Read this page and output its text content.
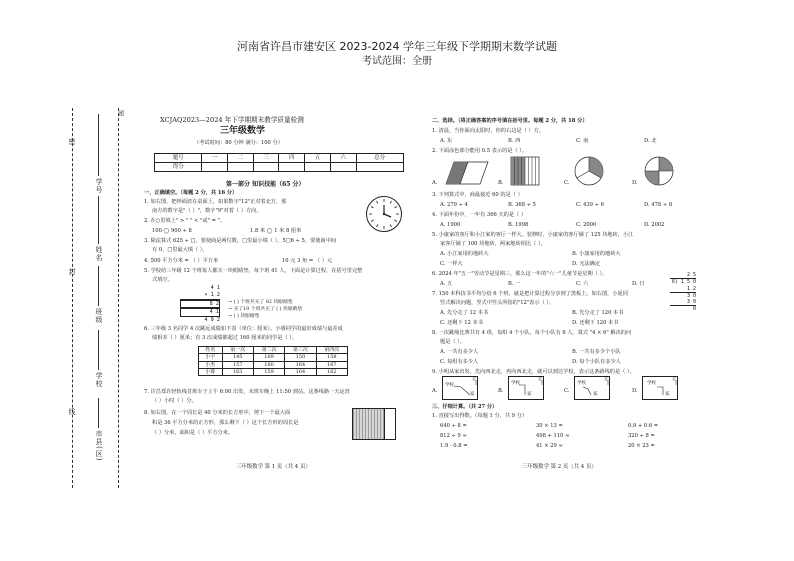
河南省许昌市建安区 2023-2024 学年三年级下学期期末数学试题
考试范围：全册
密
封
线
学号
姓名
班级
学校
市县(区)
密
XCJAQ2023—2024 年下学期期末教学质量检测
三年级数学
（考试时间：80 分钟 满分：100 分）
题号	一	二	三	四	五	六	总分
得分							
第一部分 知识技能（65 分）
一、正确填空。（每题 2 分，共 16 分）
1. 如右图，把钟面放在桌面上，如果数字"12"正对着北方，那
南方的数字是"（ ）"，数字"9"对着（ ）方向。
2. 在○里填上" > " " < "或" = "。
100 ◯ 900 ÷ 8	1.8 米 ◯ 1 米 8 厘米
3. 除法算式 625 ÷ □，要使商是两位数，□里最小填（ ），5□6 ÷ 5，要使商中间
有 0，□里最大填（ ）。
4. 500 平方分米 = （ ）平方米	10 元 3 角 = （ ）元
5. 学校给三年级 12 个班每人都买一块眼睛垫，每个班 41 人，下面是计算过程，在括号里完整
式填空。
4 1
× 1 2
8 2
4 1
4 9 2
→ ( ) 个班共买了 82 块眼睛垫
→ 买了10 个班共买了 ( ) 块眼睛垫
→ ( ) 块眼睛垫
6. 三年级 3 名同学 4 次跳远成绩如下表（单位：厘米）。小睿同学的最好成绩与最差成
绩相差（ ）厘米；有 3 次成绩都超过 160 厘米的同学是（ ）。
姓名	第一次	第二次	第三次	第四次
小宇	145	169	150	158
小杰	157	160	164	167
小睿	163	159	164	162
7. 许昌郑许轻轨线首班车于上午 6:00 出发，末班车晚上 11:50 到站。这条线路一天运营
（ ）小时（ ）分。
8. 如右图，在一个周长是 40 分米的长方形中，剪下一个最大面
积是 36 平方分米的正方形，那么剩下（ ）这个长方形的周长是
（ ）分米，面积是（ ）平方分米。
三年级数学 第 1 页（共 4 页）
二、选择。（将正确答案的序号填在括号里。每题 2 分，共 18 分）
1. 清晨，当你面向太阳时，你的右边是（ ）方。
A. 东	B. 西	C. 南	D. 北
2. 下面涂色部分能用 0.5 表示的是（ ）。
A.	B.	C.	D.
3. 下列算式中，商最接近 60 的是（ ）
A. 279 ÷ 4	B. 368 ÷ 5	C. 439 ÷ 6	D. 478 ÷ 8
4. 下面年份中，一年有 366 天的是（ ）
A. 1900	B. 1998	C. 2000	D. 2002
5. 小康家的客厅和小江家的客厅一样大。装修时，小康家的客厅铺了 125 块地砖，小江
家客厅铺了 100 块地砖，两家地砖相比（ ）。
A. 小江家用的地砖大	B. 小康家用的地砖大
C. 一样大	D. 无法确定
6. 2024 年"五一"劳动节是星期三，那么这一年的"六一"儿童节是星期（ ）。
A. 五	B. 一	C. 六	D. 日
2 5
6) 1 5 0
1 2
3 0
3 0
0
7. 150 本科技书平均分给 6 个班，就是把计算过程分享到了黑板上。如右图，小夏同
竖式解决问题，竖式中竖头所指的"12"表示（ ）。
A. 先分走了 12 本书	B. 先分走了 120 本书
C. 还剩下 12 本书	D. 还剩下 120 本书
8. 一次跳绳比赛共有 4 组，每组 4 个小队，每个小队有 6 人。算式 "4 × 6" 解决的问
题是（ ）。
A. 一共有多少人	B. 一共有多少个小队
C. 每组有多少人	D. 每个小队有多少人
9. 小明从家出发，先向西北走，再向西北走，就可以到达学校。表示这条路线的是（ ）。
A.
学校
家
北
B.
学校
家
北
C.
学校
家
北
D.
学校
家
北
三、仔细计算。（共 27 分）
1. 直接写出得数。（每题 1 分，共 9 分）
640 ÷ 8 =	30 × 13 =	0.9 + 0.6 =
812 ÷ 9 ≈	498 + 110 ≈	320 ÷ 8 =
1.9 - 0.8 =	41 × 29 ≈	20 × 23 =
三年级数学 第 2 页（共 4 页）
